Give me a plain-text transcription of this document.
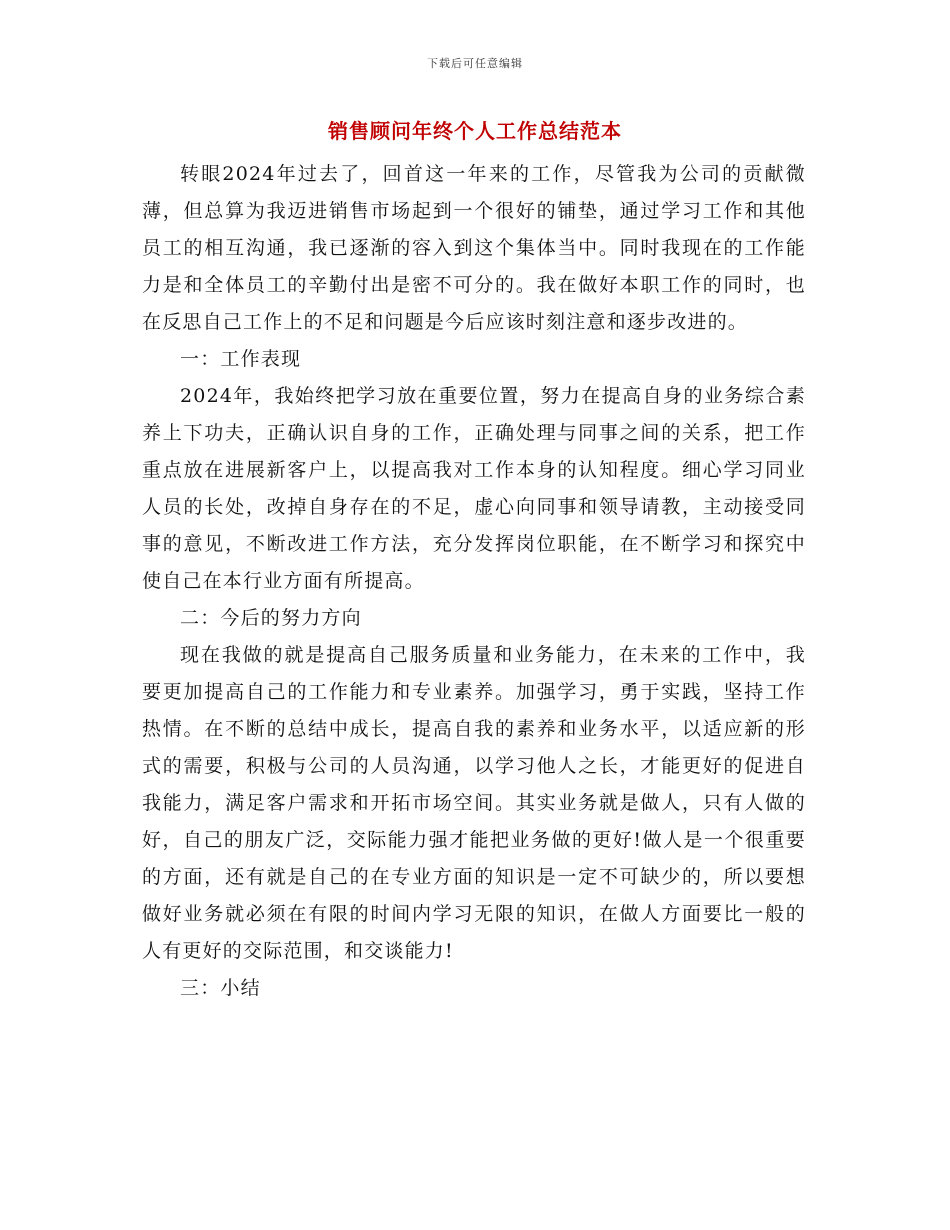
下载后可任意编辑
销售顾问年终个人工作总结范本

转眼2024年过去了，回首这一年来的工作，尽管我为公司的贡献微薄，但总算为我迈进销售市场起到一个很好的铺垫，通过学习工作和其他员工的相互沟通，我已逐渐的容入到这个集体当中。同时我现在的工作能力是和全体员工的辛勤付出是密不可分的。我在做好本职工作的同时，也在反思自己工作上的不足和问题是今后应该时刻注意和逐步改进的。

一：工作表现

2024年，我始终把学习放在重要位置，努力在提高自身的业务综合素养上下功夫，正确认识自身的工作，正确处理与同事之间的关系，把工作重点放在进展新客户上，以提高我对工作本身的认知程度。细心学习同业人员的长处，改掉自身存在的不足，虚心向同事和领导请教，主动接受同事的意见，不断改进工作方法，充分发挥岗位职能，在不断学习和探究中使自己在本行业方面有所提高。

二：今后的努力方向

现在我做的就是提高自己服务质量和业务能力，在未来的工作中，我要更加提高自己的工作能力和专业素养。加强学习，勇于实践，坚持工作热情。在不断的总结中成长，提高自我的素养和业务水平，以适应新的形式的需要，积极与公司的人员沟通，以学习他人之长，才能更好的促进自我能力，满足客户需求和开拓市场空间。其实业务就是做人，只有人做的好，自己的朋友广泛，交际能力强才能把业务做的更好!做人是一个很重要的方面，还有就是自己的在专业方面的知识是一定不可缺少的，所以要想做好业务就必须在有限的时间内学习无限的知识，在做人方面要比一般的人有更好的交际范围，和交谈能力!

三：小结
